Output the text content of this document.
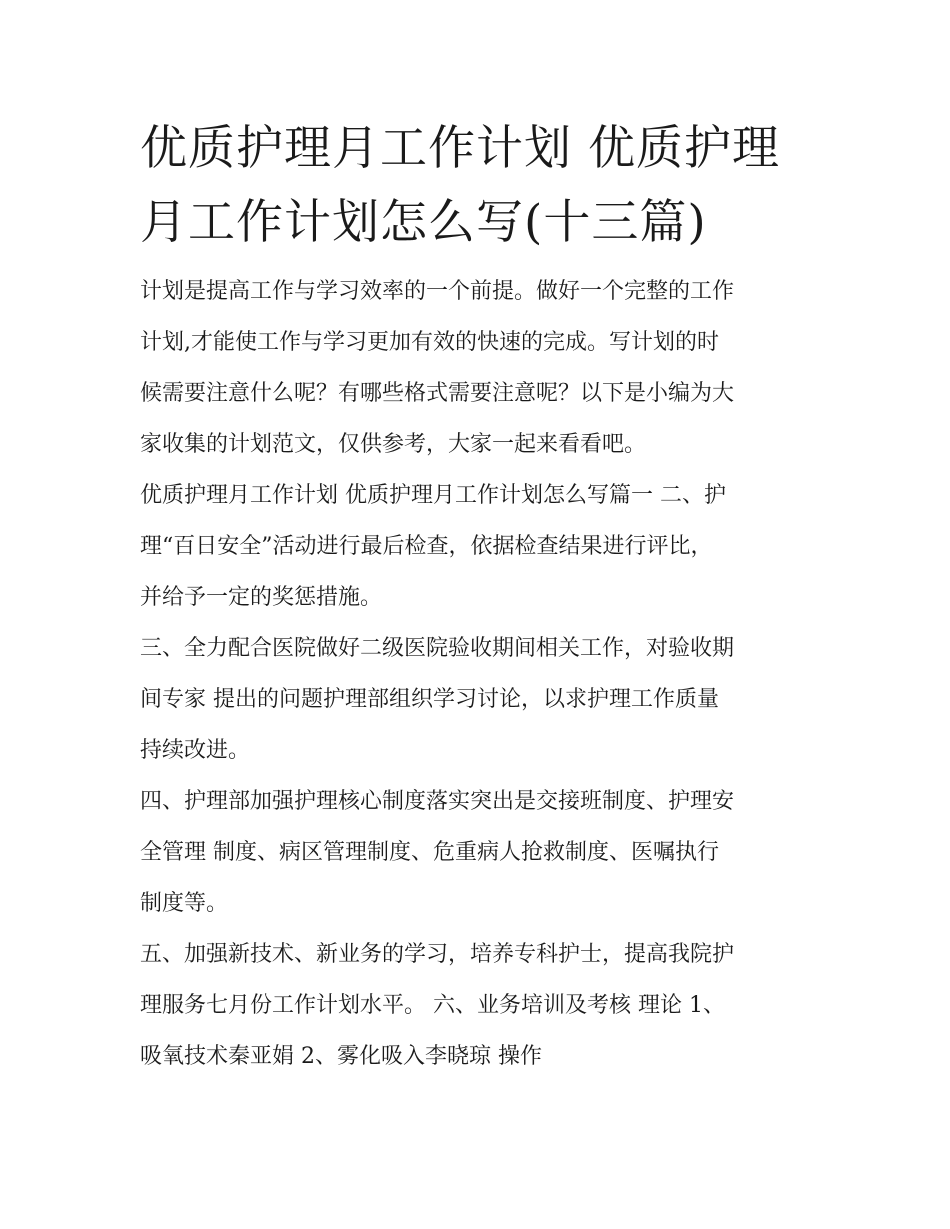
优质护理月工作计划 优质护理
月工作计划怎么写(十三篇)

计划是提高工作与学习效率的一个前提。做好一个完整的工作
计划,才能使工作与学习更加有效的快速的完成。写计划的时
候需要注意什么呢？有哪些格式需要注意呢？以下是小编为大
家收集的计划范文，仅供参考，大家一起来看看吧。

优质护理月工作计划 优质护理月工作计划怎么写篇一 二、护
理“百日安全”活动进行最后检查，依据检查结果进行评比，
并给予一定的奖惩措施。

三、全力配合医院做好二级医院验收期间相关工作，对验收期
间专家 提出的问题护理部组织学习讨论，以求护理工作质量
持续改进。

四、护理部加强护理核心制度落实突出是交接班制度、护理安
全管理 制度、病区管理制度、危重病人抢救制度、医嘱执行
制度等。

五、加强新技术、新业务的学习，培养专科护士，提高我院护
理服务七月份工作计划水平。 六、业务培训及考核 理论 1、
吸氧技术秦亚娟 2、雾化吸入李晓琼 操作
